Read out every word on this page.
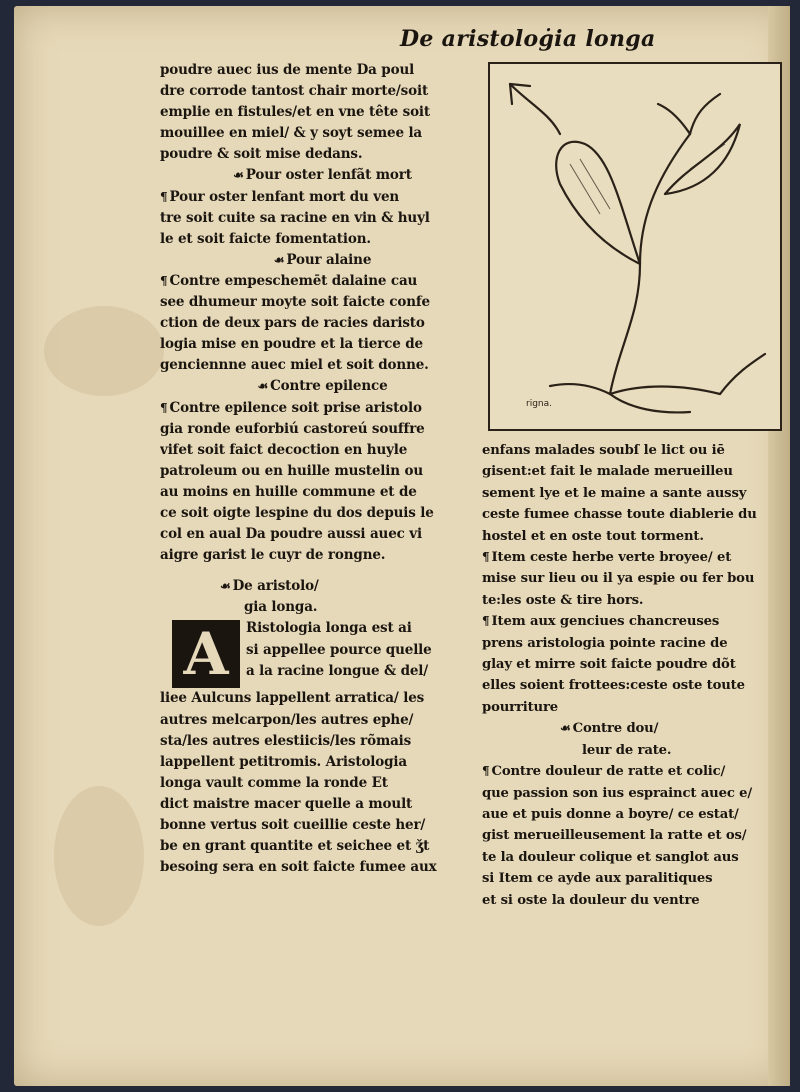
De aristoloġia longa
poudre auec ius de mente Da poul
dre corrode tantost chair morte/soit
emplie en fistules/et en vne tête soit
mouillee en miel/ & y soyt semee la
poudre & soit mise dedans.
☙ Pour oster lenfãt mort
¶ Pour oster lenfant mort du ven
tre soit cuite sa racine en vin & huyl
le et soit faicte fomentation.
☙ Pour alaine
¶ Contre empeschemēt dalaine cau
see dhumeur moyte soit faicte confe
ction de deux pars de racies daristo
logia mise en poudre et la tierce de
genciennne auec miel et soit donne.
☙ Contre epilence
¶ Contre epilence soit prise aristolo
gia ronde euforbiú castoreú souffre
vifet soit faict decoction en huyle
patroleum ou en huille mustelin ou
au moins en huille commune et de
ce soit oigte lespine du dos depuis le
col en aual Da poudre aussi auec vi
aigre garist le cuyr de rongne.
☙ De aristolo/
gia longa.
A	Ristologia longa est ai
si appellee pource quelle
a la racine longue & del/
liee Aulcuns lappellent arratica/ les
autres melcarpon/les autres ephe/
sta/les autres elestiicis/les rõmais
lappellent petitromis. Aristologia
longa vault comme la ronde Et
dict maistre macer quelle a moult
bonne vertus soit cueillie ceste her/
be en grant quantite et seichee et ǯt
besoing sera en soit faicte fumee aux
rigna.
enfans malades soubſ le lict ou iē
gisent:et fait le malade merueilleu
sement lye et le maine a sante aussy
ceste fumee chasse toute diablerie du
hostel et en oste tout torment.
¶ Item ceste herbe verte broyee/ et
mise sur lieu ou il ya espie ou fer bou
te:les oste & tire hors.
¶ Item aux genciues chancreuses
prens aristologia pointe racine de
glay et mirre soit faicte poudre dõt
elles soient frottees:ceste oste toute
pourriture
☙ Contre dou/
leur de rate.
¶ Contre douleur de ratte et colic/
que passion son ius esprainct auec e/
aue et puis donne a boyre/ ce estat/
gist merueilleusement la ratte et os/
te la douleur colique et sanglot aus
si Item ce ayde aux paralitiques
et si oste la douleur du ventre
